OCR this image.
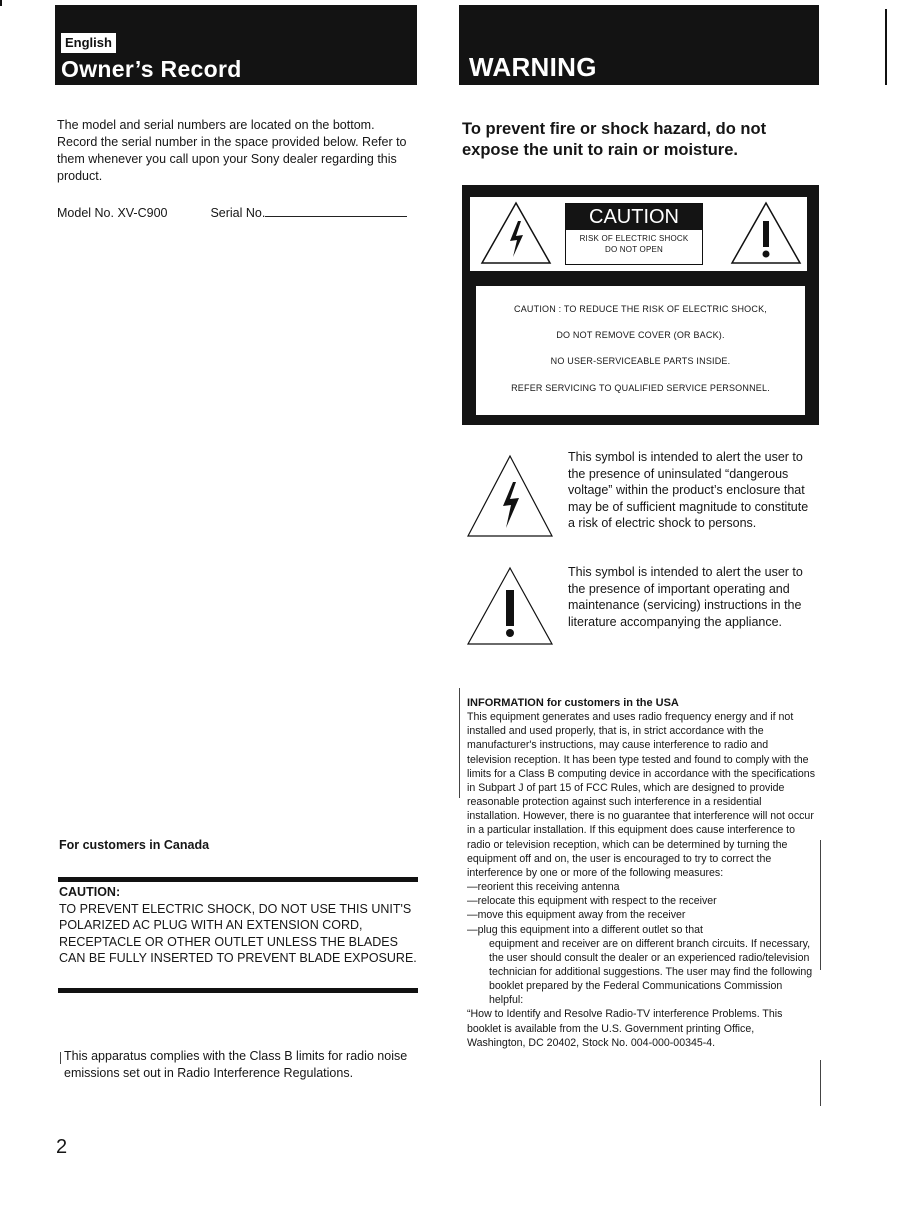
English
Owner’s Record	WARNING
The model and serial numbers are located on the bottom. Record the serial number in the space provided below. Refer to them whenever you call upon your Sony dealer regarding this product.
Model No. XV-C900	Serial No.
For customers in Canada
CAUTION:
TO PREVENT ELECTRIC SHOCK, DO NOT USE THIS UNIT'S POLARIZED AC PLUG WITH AN EXTENSION CORD, RECEPTACLE OR OTHER OUTLET UNLESS THE BLADES CAN BE FULLY INSERTED TO PREVENT BLADE EXPOSURE.
This apparatus complies with the Class B limits for radio noise emissions set out in Radio Interference Regulations.
2
To prevent fire or shock hazard, do not expose the unit to rain or moisture.
CAUTION
RISK OF ELECTRIC SHOCK
DO NOT OPEN
CAUTION : TO REDUCE THE RISK OF ELECTRIC SHOCK,
DO NOT REMOVE COVER (OR BACK).
NO USER-SERVICEABLE PARTS INSIDE.
REFER SERVICING TO QUALIFIED SERVICE PERSONNEL.
This symbol is intended to alert the user to the presence of uninsulated “dangerous voltage” within the product’s enclosure that may be of sufficient magnitude to constitute a risk of electric shock to persons.
This symbol is intended to alert the user to the presence of important operating and maintenance (servicing) instructions in the literature accompanying the appliance.
INFORMATION for customers in the USA
This equipment generates and uses radio frequency energy and if not installed and used properly, that is, in strict accordance with the manufacturer's instructions, may cause interference to radio and television reception. It has been type tested and found to comply with the limits for a Class B computing device in accordance with the specifications in Subpart J of part 15 of FCC Rules, which are designed to provide reasonable protection against such interference in a residential installation. However, there is no guarantee that interference will not occur in a particular installation. If this equipment does cause interference to radio or television reception, which can be determined by turning the equipment off and on, the user is encouraged to try to correct the interference by one or more of the following measures:
—reorient this receiving antenna
—relocate this equipment with respect to the receiver
—move this equipment away from the receiver
—plug this equipment into a different outlet so that
equipment and receiver are on different branch circuits. If necessary, the user should consult the dealer or an experienced radio/television technician for additional suggestions. The user may find the following booklet prepared by the Federal Communications Commission helpful:
“How to Identify and Resolve Radio-TV interference Problems. This booklet is available from the U.S. Government printing Office,
Washington, DC 20402, Stock No. 004-000-00345-4.
